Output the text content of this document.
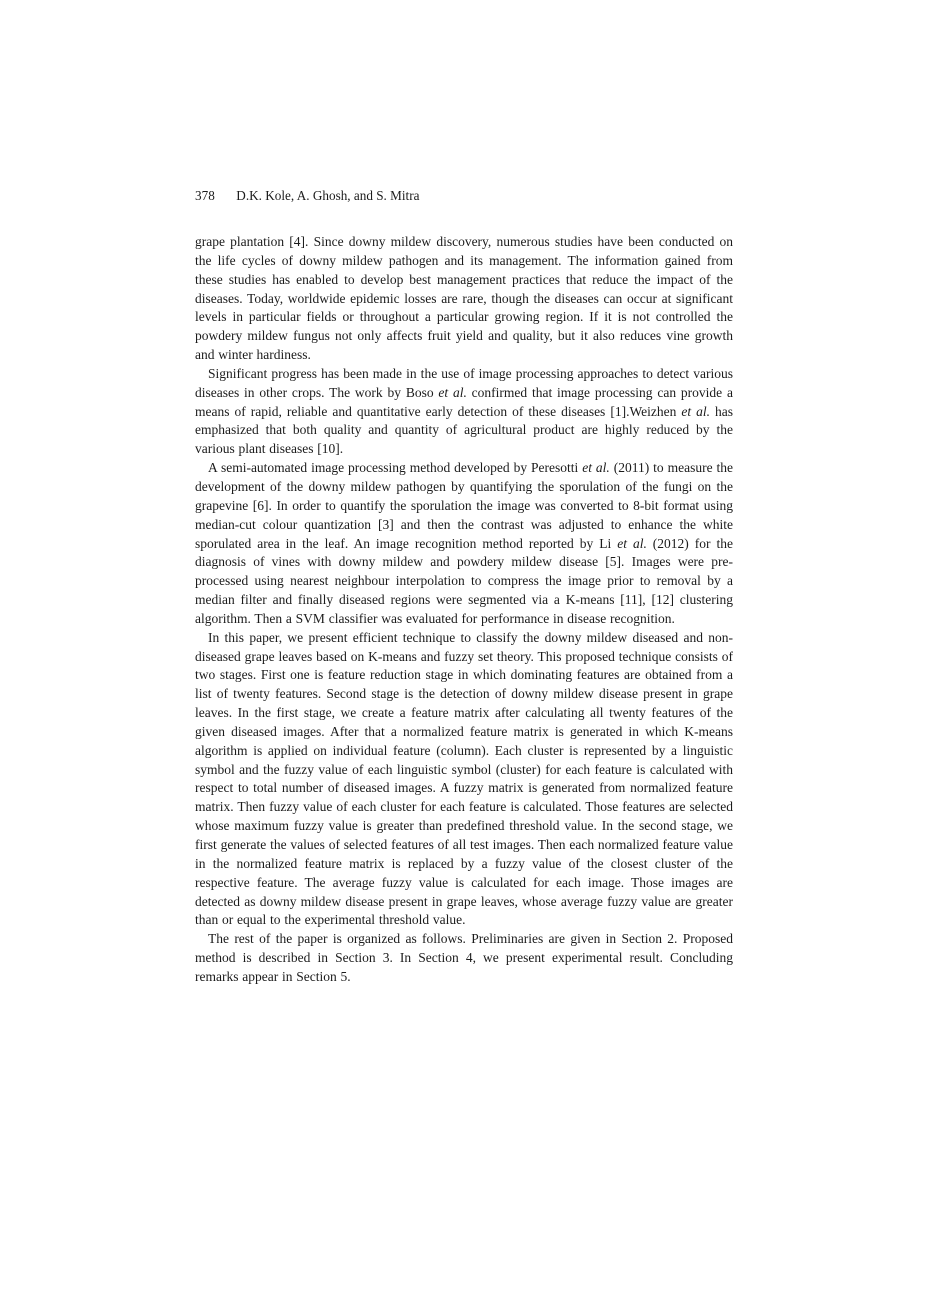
378 D.K. Kole, A. Ghosh, and S. Mitra

grape plantation [4]. Since downy mildew discovery, numerous studies have been conducted on the life cycles of downy mildew pathogen and its management. The information gained from these studies has enabled to develop best management practices that reduce the impact of the diseases. Today, worldwide epidemic losses are rare, though the diseases can occur at significant levels in particular fields or throughout a particular growing region. If it is not controlled the powdery mildew fungus not only affects fruit yield and quality, but it also reduces vine growth and winter hardiness.

Significant progress has been made in the use of image processing approaches to detect various diseases in other crops. The work by Boso et al. confirmed that image processing can provide a means of rapid, reliable and quantitative early detection of these diseases [1].Weizhen et al. has emphasized that both quality and quantity of agricultural product are highly reduced by the various plant diseases [10].

A semi-automated image processing method developed by Peresotti et al. (2011) to measure the development of the downy mildew pathogen by quantifying the sporulation of the fungi on the grapevine [6]. In order to quantify the sporulation the image was converted to 8-bit format using median-cut colour quantization [3] and then the contrast was adjusted to enhance the white sporulated area in the leaf. An image recognition method reported by Li et al. (2012) for the diagnosis of vines with downy mildew and powdery mildew disease [5]. Images were pre-processed using nearest neighbour interpolation to compress the image prior to removal by a median filter and finally diseased regions were segmented via a K-means [11], [12] clustering algorithm. Then a SVM classifier was evaluated for performance in disease recognition.

In this paper, we present efficient technique to classify the downy mildew diseased and non-diseased grape leaves based on K-means and fuzzy set theory. This proposed technique consists of two stages. First one is feature reduction stage in which dominating features are obtained from a list of twenty features. Second stage is the detection of downy mildew disease present in grape leaves. In the first stage, we create a feature matrix after calculating all twenty features of the given diseased images. After that a normalized feature matrix is generated in which K-means algorithm is applied on individual feature (column). Each cluster is represented by a linguistic symbol and the fuzzy value of each linguistic symbol (cluster) for each feature is calculated with respect to total number of diseased images. A fuzzy matrix is generated from normalized feature matrix. Then fuzzy value of each cluster for each feature is calculated. Those features are selected whose maximum fuzzy value is greater than predefined threshold value. In the second stage, we first generate the values of selected features of all test images. Then each normalized feature value in the normalized feature matrix is replaced by a fuzzy value of the closest cluster of the respective feature. The average fuzzy value is calculated for each image. Those images are detected as downy mildew disease present in grape leaves, whose average fuzzy value are greater than or equal to the experimental threshold value.

The rest of the paper is organized as follows. Preliminaries are given in Section 2. Proposed method is described in Section 3. In Section 4, we present experimental result. Concluding remarks appear in Section 5.
